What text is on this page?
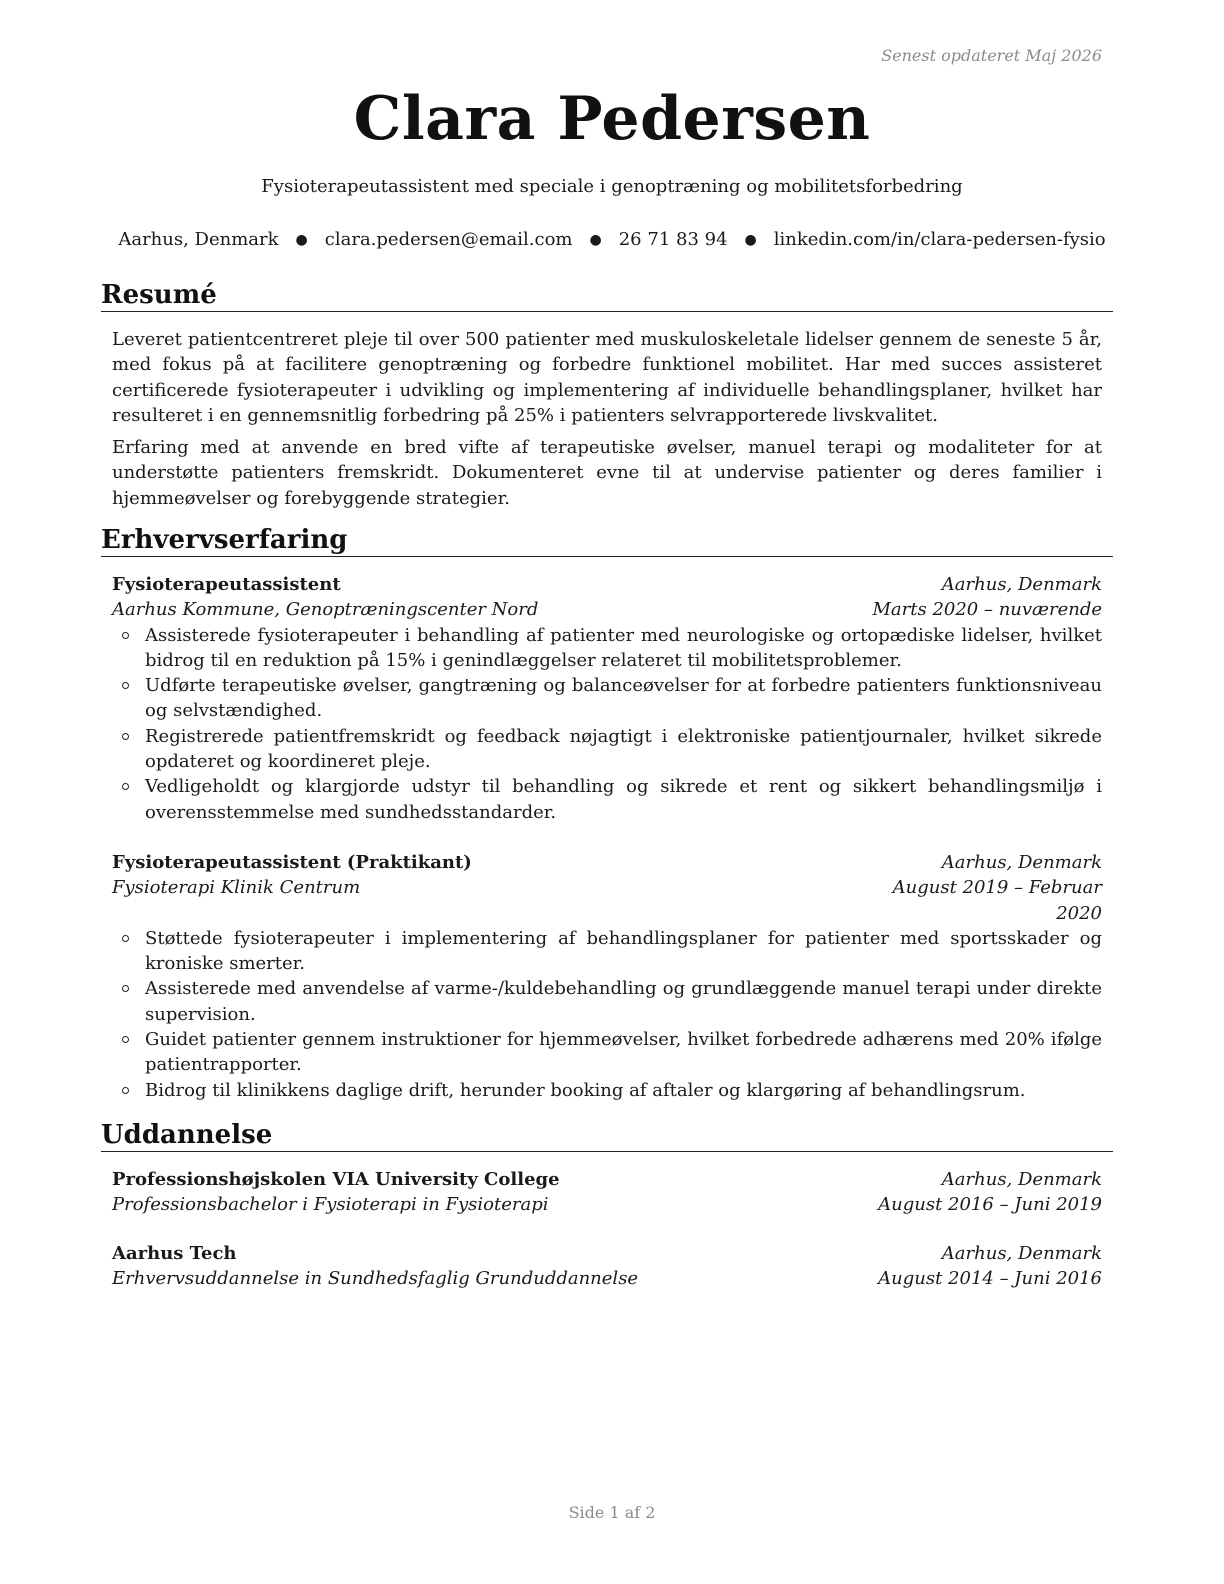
Senest opdateret Maj 2026
Clara Pedersen
Fysioterapeutassistent med speciale i genoptræning og mobilitetsforbedring
Aarhus, Denmark ● clara.pedersen@email.com ● 26 71 83 94 ● linkedin.com/in/clara-pedersen-fysio
Resumé

Leveret patientcentreret pleje til over 500 patienter med muskuloskeletale lidelser gennem de seneste 5 år, med fokus på at facilitere genoptræning og forbedre funktionel mobilitet. Har med succes assisteret certificerede fysioterapeuter i udvikling og implementering af individuelle behandlingsplaner, hvilket har resulteret i en gennemsnitlig forbedring på 25% i patienters selvrapporterede livskvalitet.

Erfaring med at anvende en bred vifte af terapeutiske øvelser, manuel terapi og modaliteter for at understøtte patienters fremskridt. Dokumenteret evne til at undervise patienter og deres familier i hjemmeøvelser og forebyggende strategier.

Erhvervserfaring
Fysioterapeutassistent	Aarhus, Denmark
Aarhus Kommune, Genoptræningscenter Nord	Marts 2020 – nuværende
Assisterede fysioterapeuter i behandling af patienter med neurologiske og ortopædiske lidelser, hvilket bidrog til en reduktion på 15% i genindlæggelser relateret til mobilitetsproblemer.
Udførte terapeutiske øvelser, gangtræning og balanceøvelser for at forbedre patienters funktionsniveau og selvstændighed.
Registrerede patientfremskridt og feedback nøjagtigt i elektroniske patientjournaler, hvilket sikrede opdateret og koordineret pleje.
Vedligeholdt og klargjorde udstyr til behandling og sikrede et rent og sikkert behandlingsmiljø i overensstemmelse med sundhedsstandarder.
Fysioterapeutassistent (Praktikant)	Aarhus, Denmark
Fysioterapi Klinik Centrum	August 2019 – Februar
2020
Støttede fysioterapeuter i implementering af behandlingsplaner for patienter med sportsskader og kroniske smerter.
Assisterede med anvendelse af varme-/kuldebehandling og grundlæggende manuel terapi under direkte supervision.
Guidet patienter gennem instruktioner for hjemmeøvelser, hvilket forbedrede adhærens med 20% ifølge patientrapporter.
Bidrog til klinikkens daglige drift, herunder booking af aftaler og klargøring af behandlingsrum.
Uddannelse
Professionshøjskolen VIA University College	Aarhus, Denmark
Professionsbachelor i Fysioterapi in Fysioterapi	August 2016 – Juni 2019
Aarhus Tech	Aarhus, Denmark
Erhvervsuddannelse in Sundhedsfaglig Grunduddannelse	August 2014 – Juni 2016
Side 1 af 2
